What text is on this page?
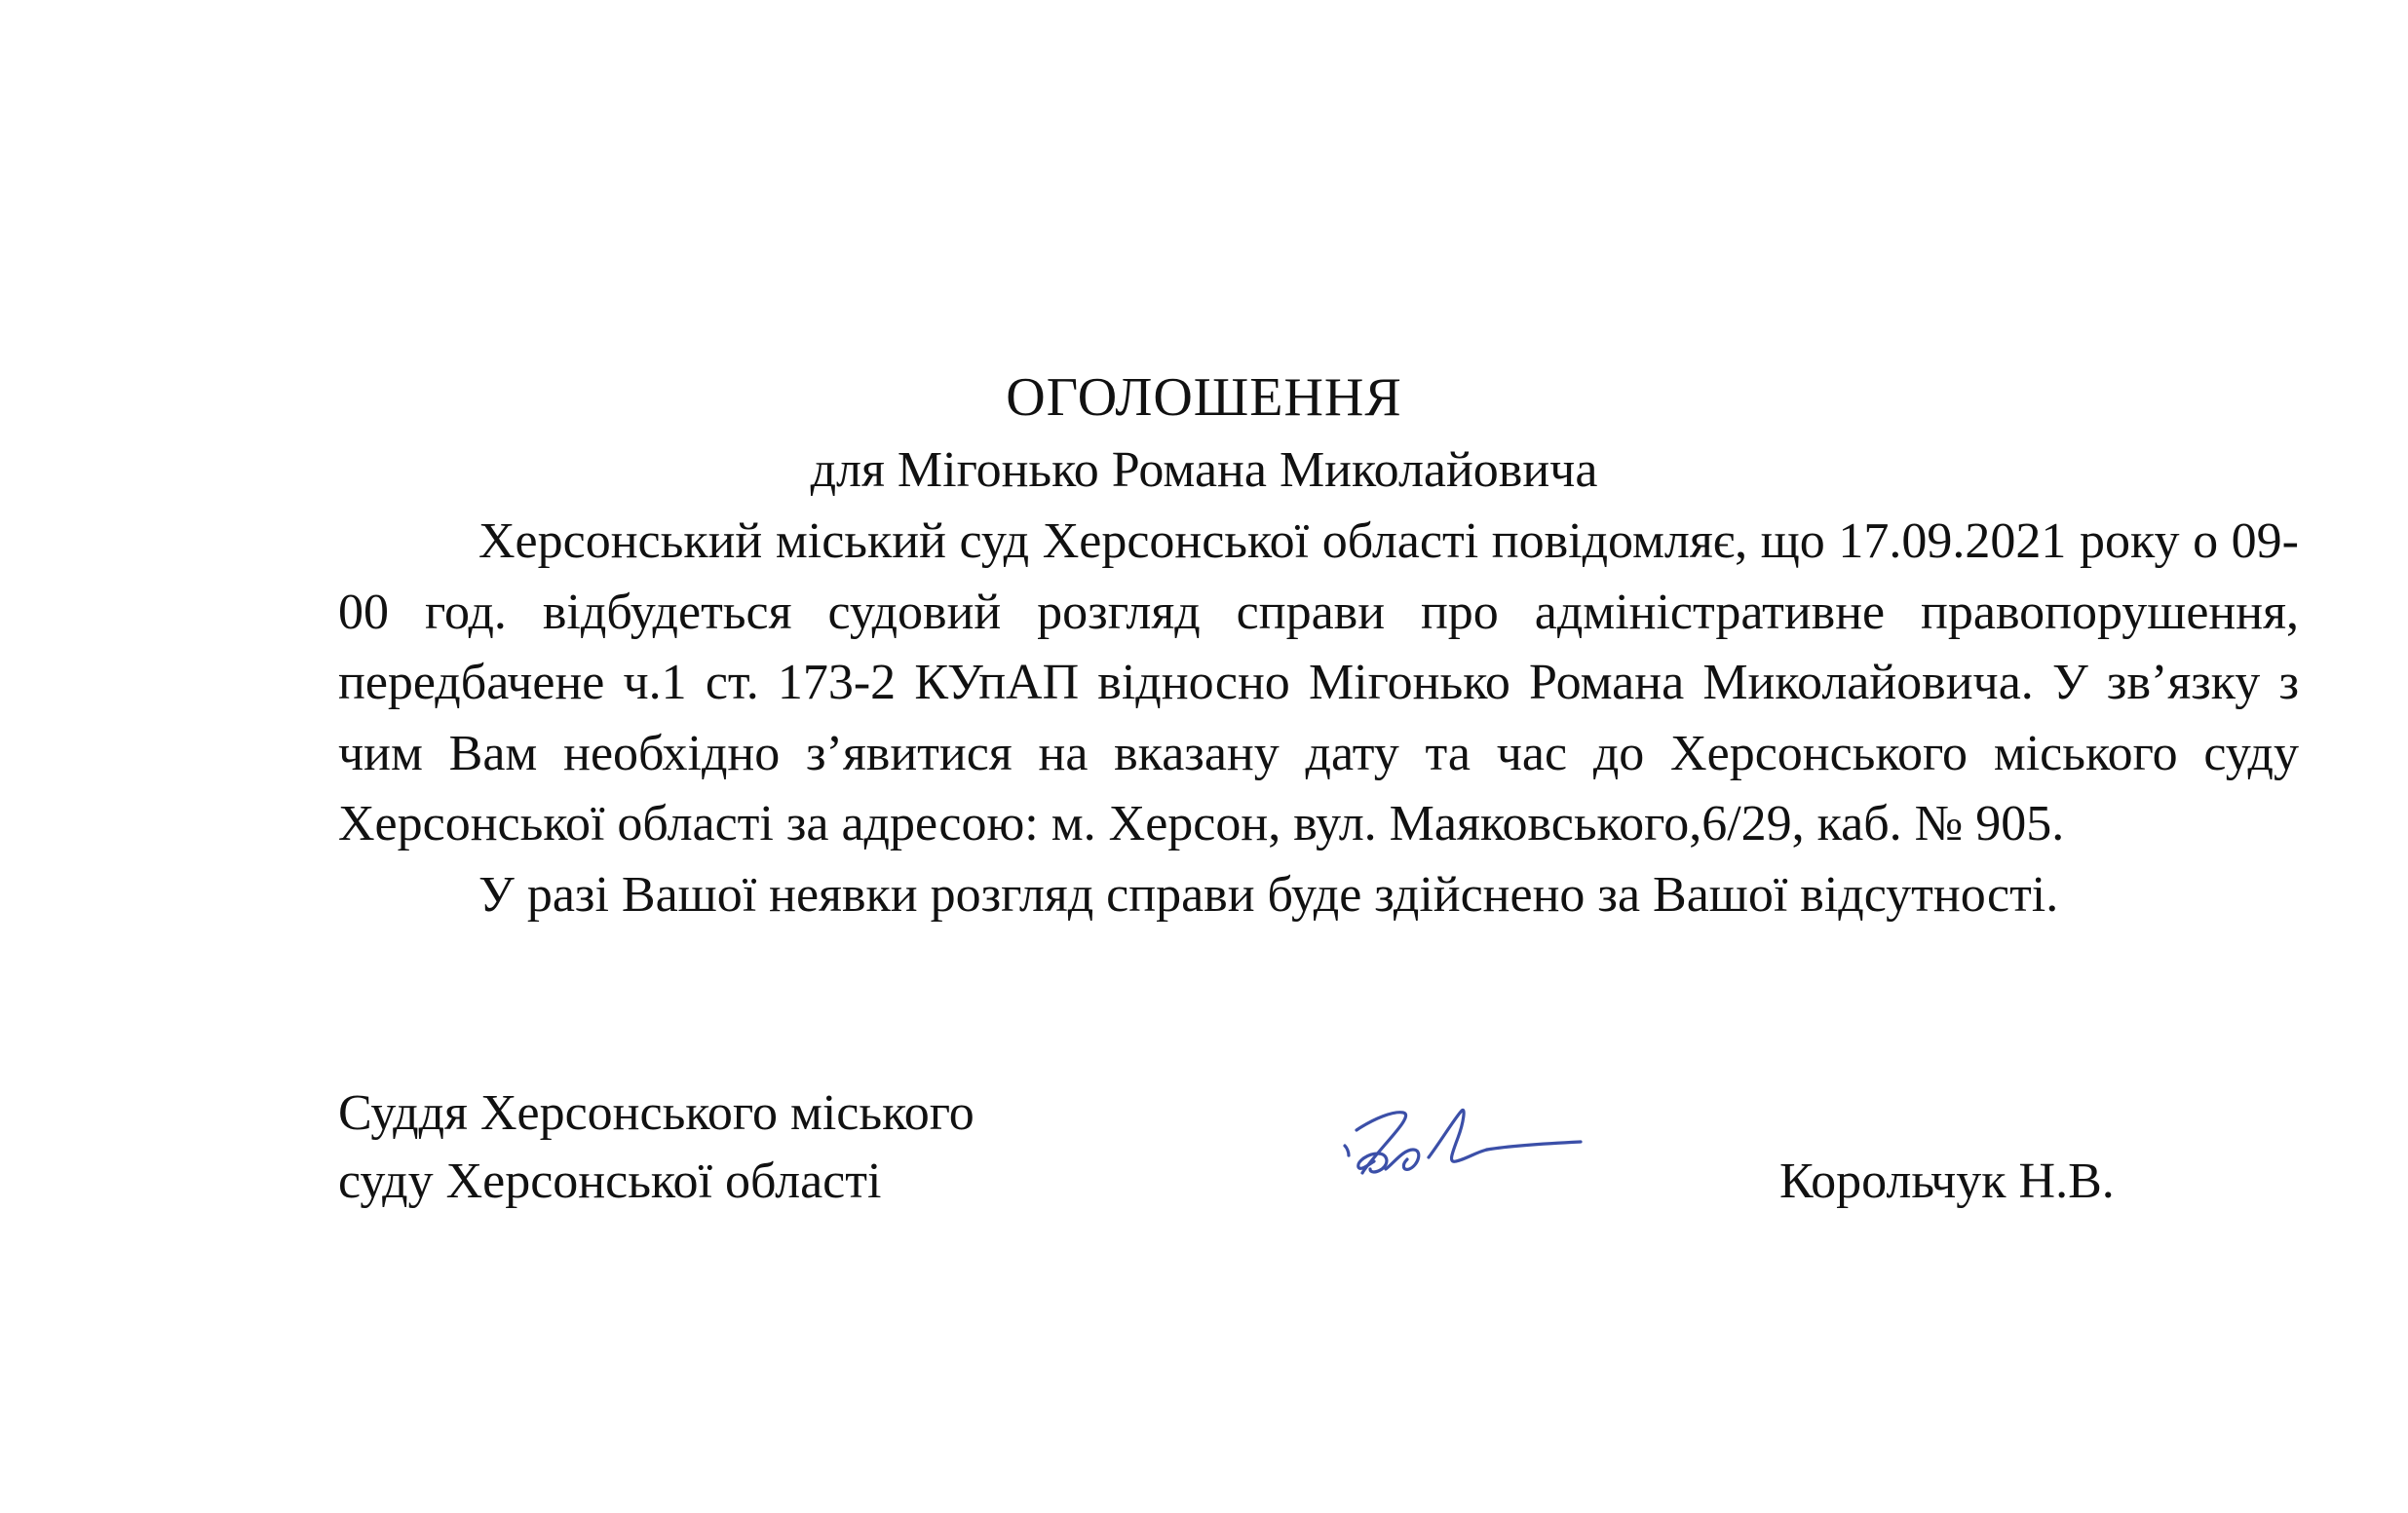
ОГОЛОШЕННЯ
для Мігонько Романа Миколайовича

Херсонський міський суд Херсонської області повідомляє, що 17.09.2021 року о 09-00 год. відбудеться судовий розгляд справи про адміністративне правопорушення, передбачене ч.1 ст. 173-2 КУпАП відносно Мігонько Романа Миколайовича. У зв’язку з чим Вам необхідно з’явитися на вказану дату та час до Херсонського міського суду Херсонської області за адресою: м. Херсон, вул. Маяковського,6/29, каб. № 905.

У разі Вашої неявки розгляд справи буде здійснено за Вашої відсутності.

Суддя Херсонського міського
суду Херсонської області	Корольчук Н.В.
